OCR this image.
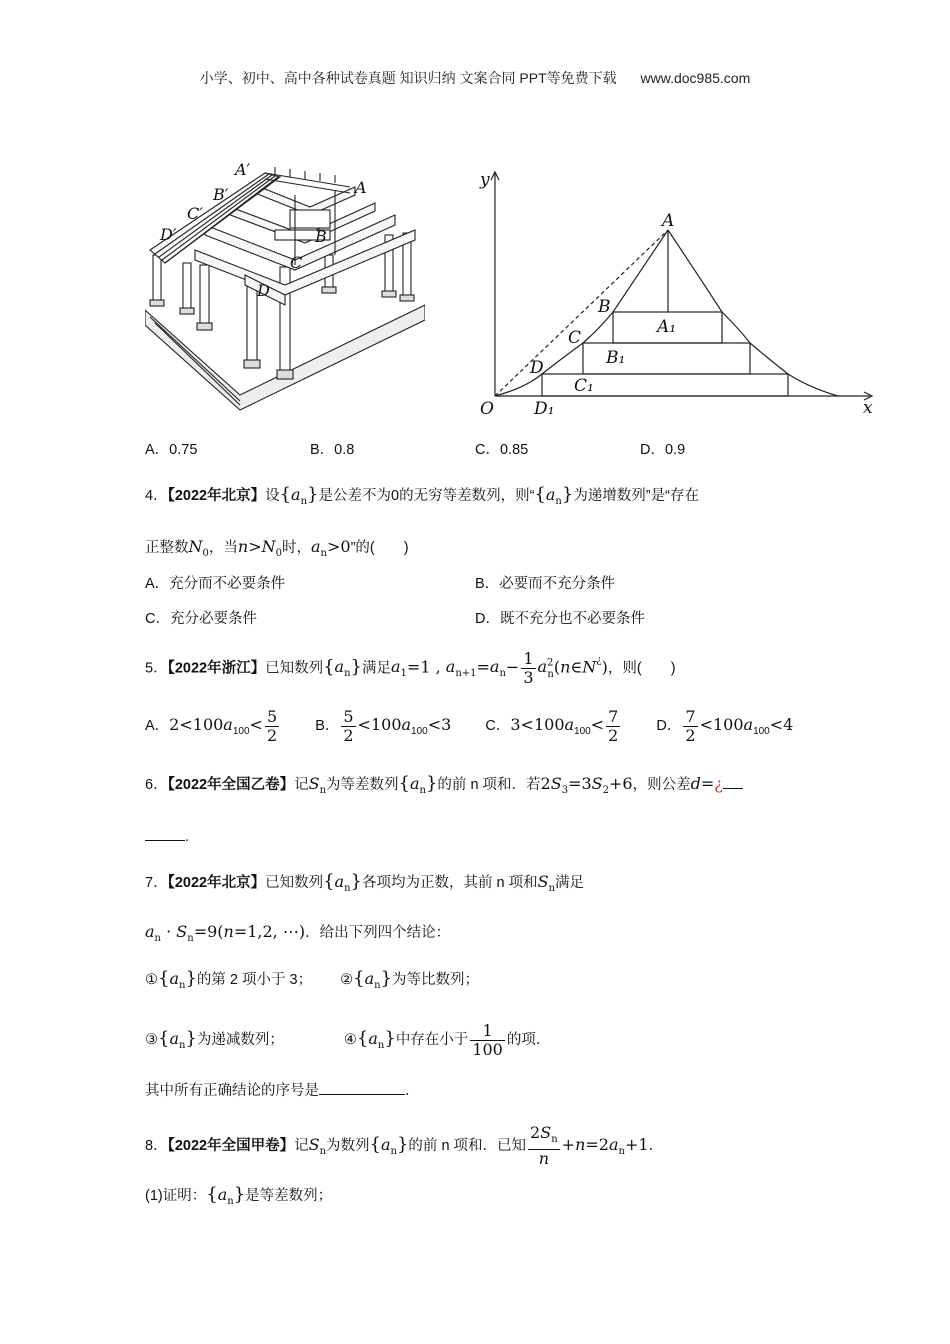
小学、初中、高中各种试卷真题 知识归纳 文案合同 PPT等免费下载 www.doc985.com
A′
A
B′
B
C′
C
D′
D
y
x
O
A
B
C
D
A₁
B₁
C₁
D₁
A．0.75	B．0.8	C．0.85	D．0.9
4．【2022年北京】设$\{a_n\}$是公差不为0的无穷等差数列，则“$\{a_n\}$为递增数列”是“存在
正整数$N_0$，当$n>N_0$时，$a_n>0$”的(　　)
A．充分而不必要条件	B．必要而不充分条件
C．充分必要条件	D．既不充分也不必要条件
5．【2022年浙江】已知数列$\{a_n\}$满足$a_1=1$ , $a_{n+1}=a_n- \frac{1}{3}$ $a^2_n(n\in N^¿)$，则(　　)
A．$2<100a_{100}< \frac{5}{2}$ B． $\frac{5}{2} <100a_{100}<3$ C．$3<100a_{100}< \frac{7}{2}$ D． $\frac{7}{2} <100a_{100}<4$
6．【2022年全国乙卷】记$S_n$为等差数列$\{a_n\}$的前 n 项和．若$2S_3=3S_2+6$，则公差d=¿
.
7．【2022年北京】已知数列$\{a_n\}$各项均为正数，其前 n 项和$S_n$满足
$a_n \cdot S_n=9(n=1,2$, ⋯)．给出下列四个结论：
$①\{a_n\}$的第 2 项小于 3； $②\{a_n\}$为等比数列；
$③\{a_n\}$为递减数列；	$④\{a_n\}$中存在小于 $\frac{1}{100}$ 的项．
其中所有正确结论的序号是	．
8．【2022年全国甲卷】记$S_n$为数列$\{a_n\}$的前 n 项和．已知 $\frac{2S_n}{n} +n=2a_n+1$．
(1)证明：$\{a_n\}$是等差数列；
